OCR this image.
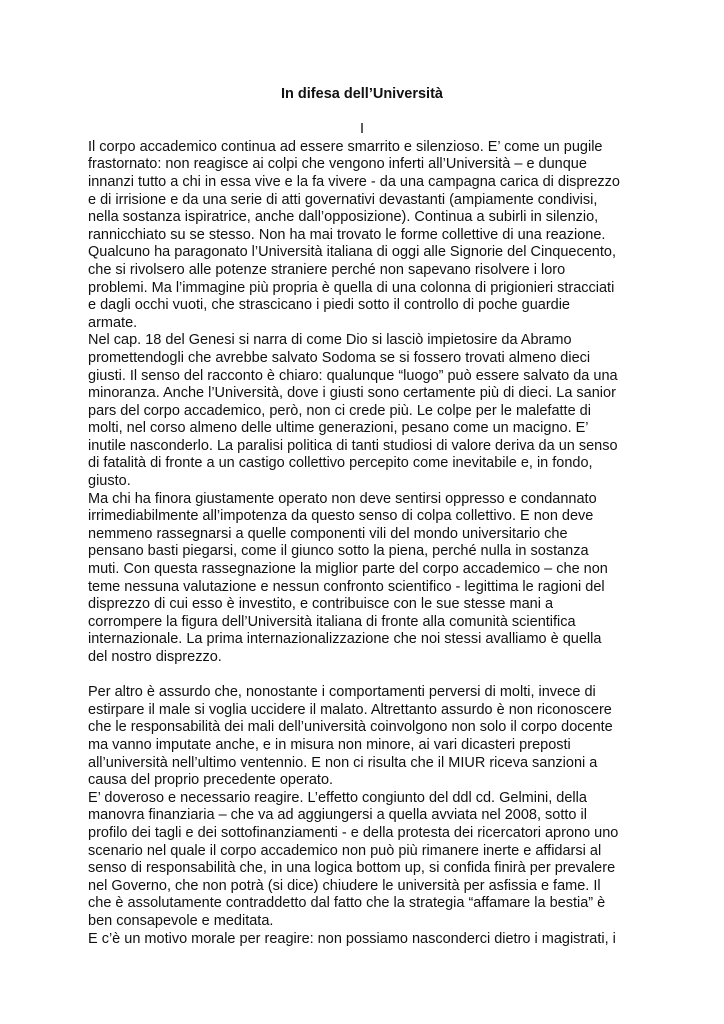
In difesa dell’Università
I
Il corpo accademico continua ad essere smarrito e silenzioso. E’ come un pugile
frastornato: non reagisce ai colpi che vengono inferti all’Università – e dunque
innanzi tutto a chi in essa vive e la fa vivere - da una campagna carica di disprezzo
e di irrisione e da una serie di atti governativi devastanti (ampiamente condivisi,
nella sostanza ispiratrice, anche dall’opposizione). Continua a subirli in silenzio,
rannicchiato su se stesso. Non ha mai trovato le forme collettive di una reazione.
Qualcuno ha paragonato l’Università italiana di oggi alle Signorie del Cinquecento,
che si rivolsero alle potenze straniere perché non sapevano risolvere i loro
problemi. Ma l’immagine più propria è quella di una colonna di prigionieri stracciati
e dagli occhi vuoti, che strascicano i piedi sotto il controllo di poche guardie
armate.
Nel cap. 18 del Genesi si narra di come Dio si lasciò impietosire da Abramo
promettendogli che avrebbe salvato Sodoma se si fossero trovati almeno dieci
giusti. Il senso del racconto è chiaro: qualunque “luogo” può essere salvato da una
minoranza. Anche l’Università, dove i giusti sono certamente più di dieci. La sanior
pars del corpo accademico, però, non ci crede più. Le colpe per le malefatte di
molti, nel corso almeno delle ultime generazioni, pesano come un macigno. E’
inutile nasconderlo. La paralisi politica di tanti studiosi di valore deriva da un senso
di fatalità di fronte a un castigo collettivo percepito come inevitabile e, in fondo,
giusto.
Ma chi ha finora giustamente operato non deve sentirsi oppresso e condannato
irrimediabilmente all’impotenza da questo senso di colpa collettivo. E non deve
nemmeno rassegnarsi a quelle componenti vili del mondo universitario che
pensano basti piegarsi, come il giunco sotto la piena, perché nulla in sostanza
muti. Con questa rassegnazione la miglior parte del corpo accademico – che non
teme nessuna valutazione e nessun confronto scientifico - legittima le ragioni del
disprezzo di cui esso è investito, e contribuisce con le sue stesse mani a
corrompere la figura dell’Università italiana di fronte alla comunità scientifica
internazionale. La prima internazionalizzazione che noi stessi avalliamo è quella
del nostro disprezzo.
Per altro è assurdo che, nonostante i comportamenti perversi di molti, invece di
estirpare il male si voglia uccidere il malato. Altrettanto assurdo è non riconoscere
che le responsabilità dei mali dell’università coinvolgono non solo il corpo docente
ma vanno imputate anche, e in misura non minore, ai vari dicasteri preposti
all’università nell’ultimo ventennio. E non ci risulta che il MIUR riceva sanzioni a
causa del proprio precedente operato.
E’ doveroso e necessario reagire. L’effetto congiunto del ddl cd. Gelmini, della
manovra finanziaria – che va ad aggiungersi a quella avviata nel 2008, sotto il
profilo dei tagli e dei sottofinanziamenti - e della protesta dei ricercatori aprono uno
scenario nel quale il corpo accademico non può più rimanere inerte e affidarsi al
senso di responsabilità che, in una logica bottom up, si confida finirà per prevalere
nel Governo, che non potrà (si dice) chiudere le università per asfissia e fame. Il
che è assolutamente contraddetto dal fatto che la strategia “affamare la bestia” è
ben consapevole e meditata.
E c’è un motivo morale per reagire: non possiamo nasconderci dietro i magistrati, i
